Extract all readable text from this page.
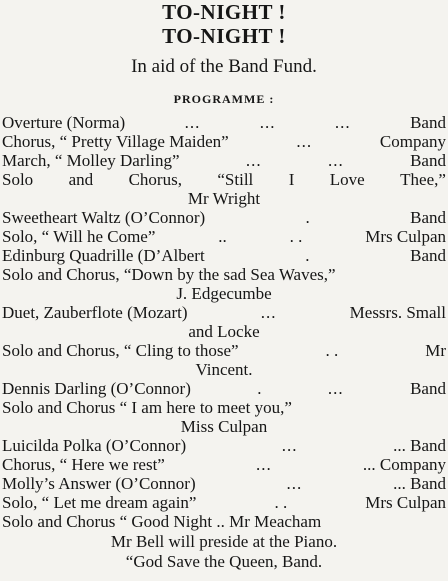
TO-NIGHT !
TO-NIGHT !
In aid of the Band Fund.
PROGRAMME :
Overture (Norma)	...	...	...	Band
Chorus, “ Pretty Village Maiden”	...	Company
March, “ Molley Darling”	...	...	Band
Solo and Chorus, “Still I Love Thee,”
Mr Wright
Sweetheart Waltz (O’Connor)	.	Band
Solo, “ Will he Come”	..	. .	Mrs Culpan
Edinburg Quadrille (D’Albert	.	Band
Solo and Chorus, “Down by the sad Sea Waves,”
J. Edgecumbe
Duet, Zauberflote (Mozart)	...	Messrs. Small
and Locke
Solo and Chorus, “ Cling to those”	. .	Mr
Vincent.
Dennis Darling (O’Connor)	.	...	Band
Solo and Chorus “ I am here to meet you,”
Miss Culpan
Luicilda Polka (O’Connor)	...	... Band
Chorus, “ Here we rest”	...	... Company
Molly’s Answer (O’Connor)	...	... Band
Solo, “ Let me dream again”	. .	Mrs Culpan
Solo and Chorus “ Good Night .. Mr Meacham
Mr Bell will preside at the Piano.
“God Save the Queen, Band.
